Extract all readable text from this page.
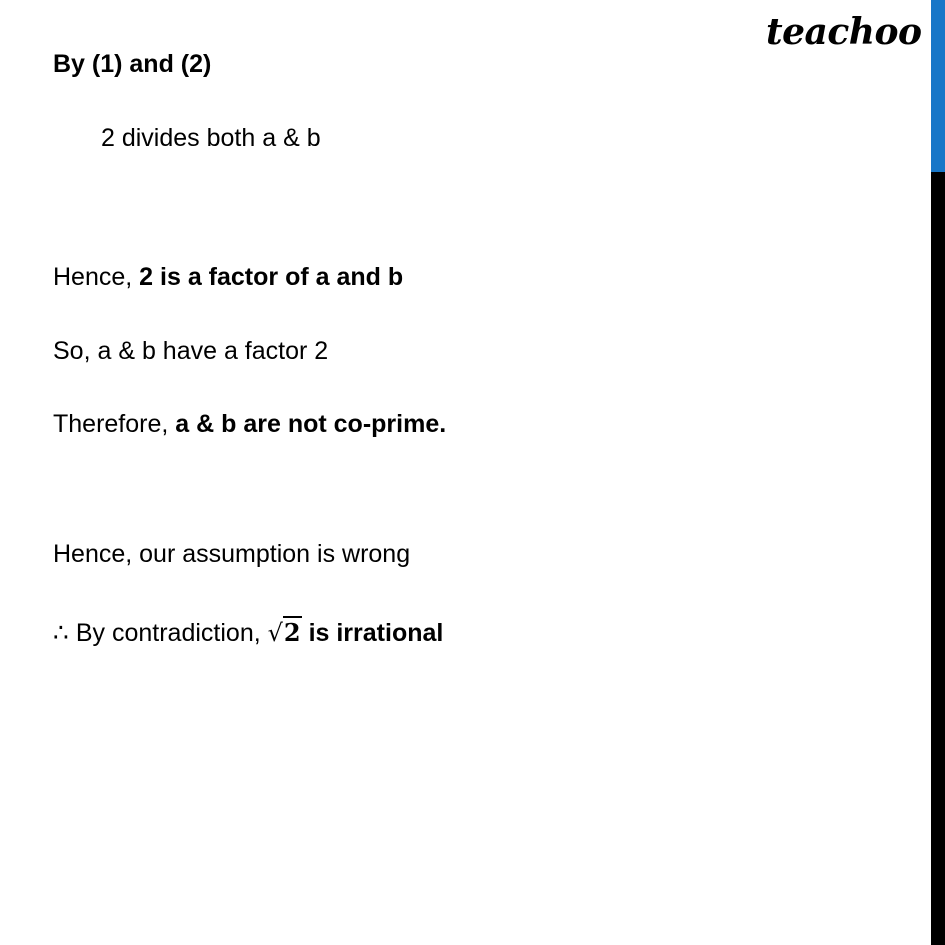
teachoo
By (1) and (2)
2 divides both a & b
Hence, 2 is a factor of a and b
So, a & b have a factor 2
Therefore, a & b are not co-prime.
Hence, our assumption is wrong
∴ By contradiction, √2 is irrational
